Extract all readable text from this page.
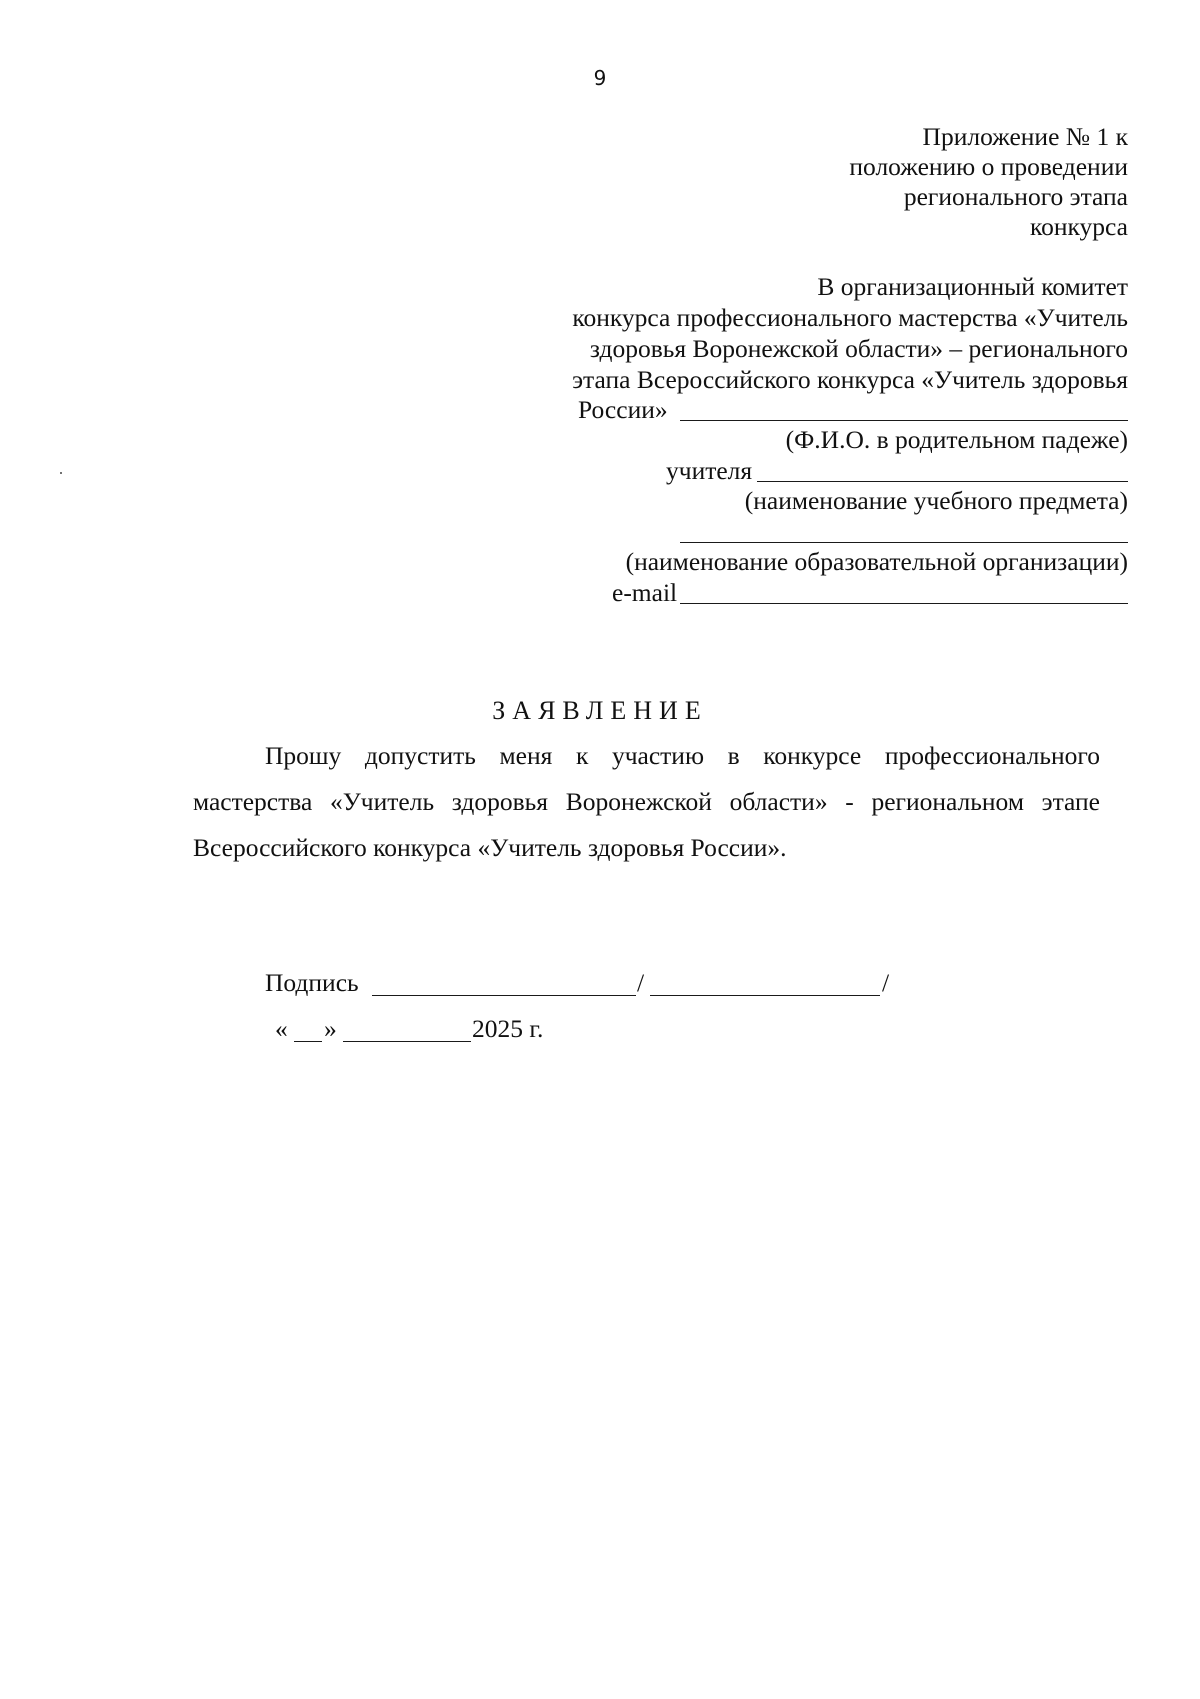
9
Приложение № 1 к
положению о проведении
регионального этапа
конкурса
В организационный комитет
конкурса профессионального мастерства «Учитель
здоровья Воронежской области» – регионального
этапа Всероссийского конкурса «Учитель здоровья
России»
(Ф.И.О. в родительном падеже)
учителя
(наименование учебного предмета)
(наименование образовательной организации)
e-mail
ЗАЯВЛЕНИЕ
Прошу допустить меня к участию в конкурсе профессионального
мастерства «Учитель здоровья Воронежской области» - региональном этапе
Всероссийского конкурса «Учитель здоровья России».
Подпись	/	/
« »	2025 г.
